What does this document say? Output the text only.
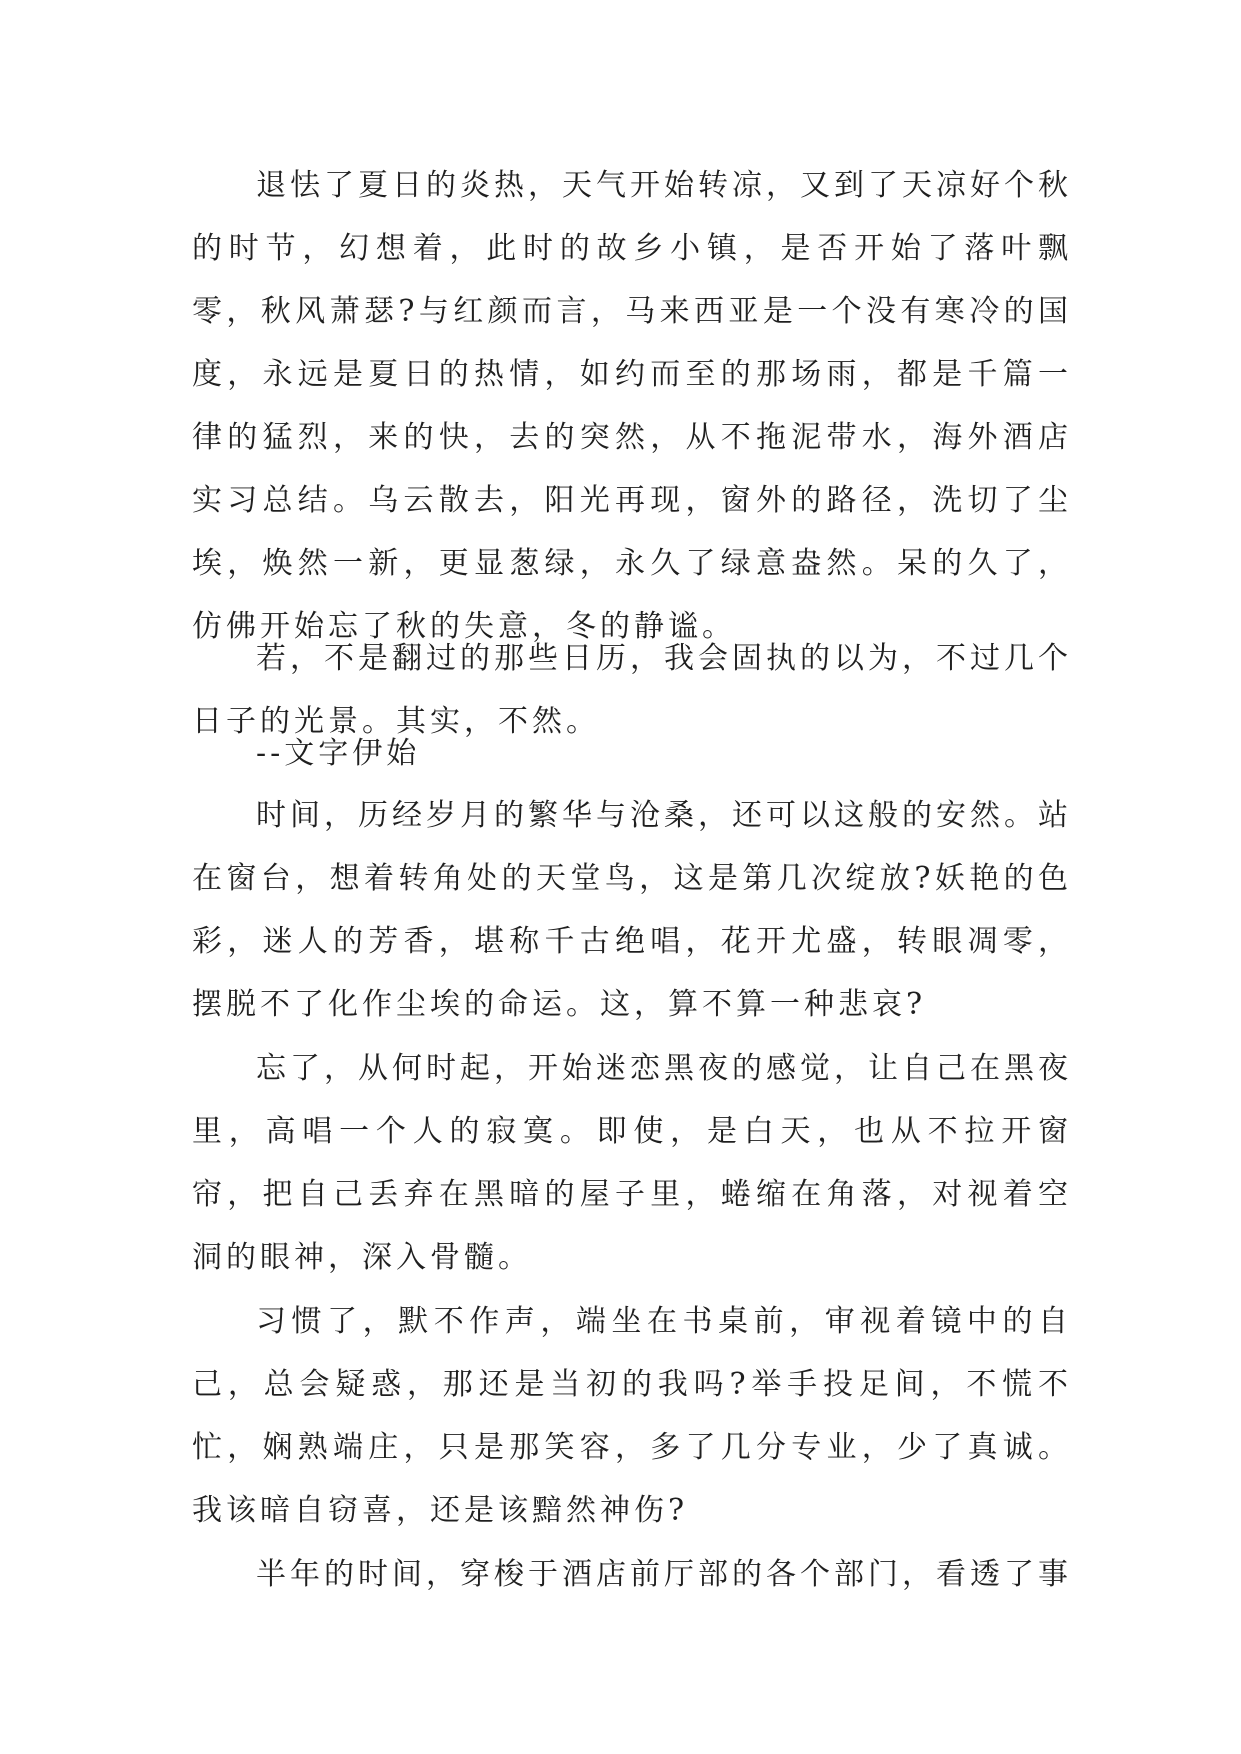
退怯了夏日的炎热，天气开始转凉，又到了天凉好个秋的时节，幻想着，此时的故乡小镇，是否开始了落叶飘零，秋风萧瑟?与红颜而言，马来西亚是一个没有寒冷的国度，永远是夏日的热情，如约而至的那场雨，都是千篇一律的猛烈，来的快，去的突然，从不拖泥带水，海外酒店实习总结。乌云散去，阳光再现，窗外的路径，洗切了尘埃，焕然一新，更显葱绿，永久了绿意盎然。呆的久了，仿佛开始忘了秋的失意，冬的静谧。

若，不是翻过的那些日历，我会固执的以为，不过几个日子的光景。其实，不然。

--文字伊始

时间，历经岁月的繁华与沧桑，还可以这般的安然。站在窗台，想着转角处的天堂鸟，这是第几次绽放?妖艳的色彩，迷人的芳香，堪称千古绝唱，花开尤盛，转眼凋零，摆脱不了化作尘埃的命运。这，算不算一种悲哀?

忘了，从何时起，开始迷恋黑夜的感觉，让自己在黑夜里，高唱一个人的寂寞。即使，是白天，也从不拉开窗帘，把自己丢弃在黑暗的屋子里，蜷缩在角落，对视着空洞的眼神，深入骨髓。

习惯了，默不作声，端坐在书桌前，审视着镜中的自己，总会疑惑，那还是当初的我吗?举手投足间，不慌不忙，娴熟端庄，只是那笑容，多了几分专业，少了真诚。我该暗自窃喜，还是该黯然神伤?

半年的时间，穿梭于酒店前厅部的各个部门，看透了事
